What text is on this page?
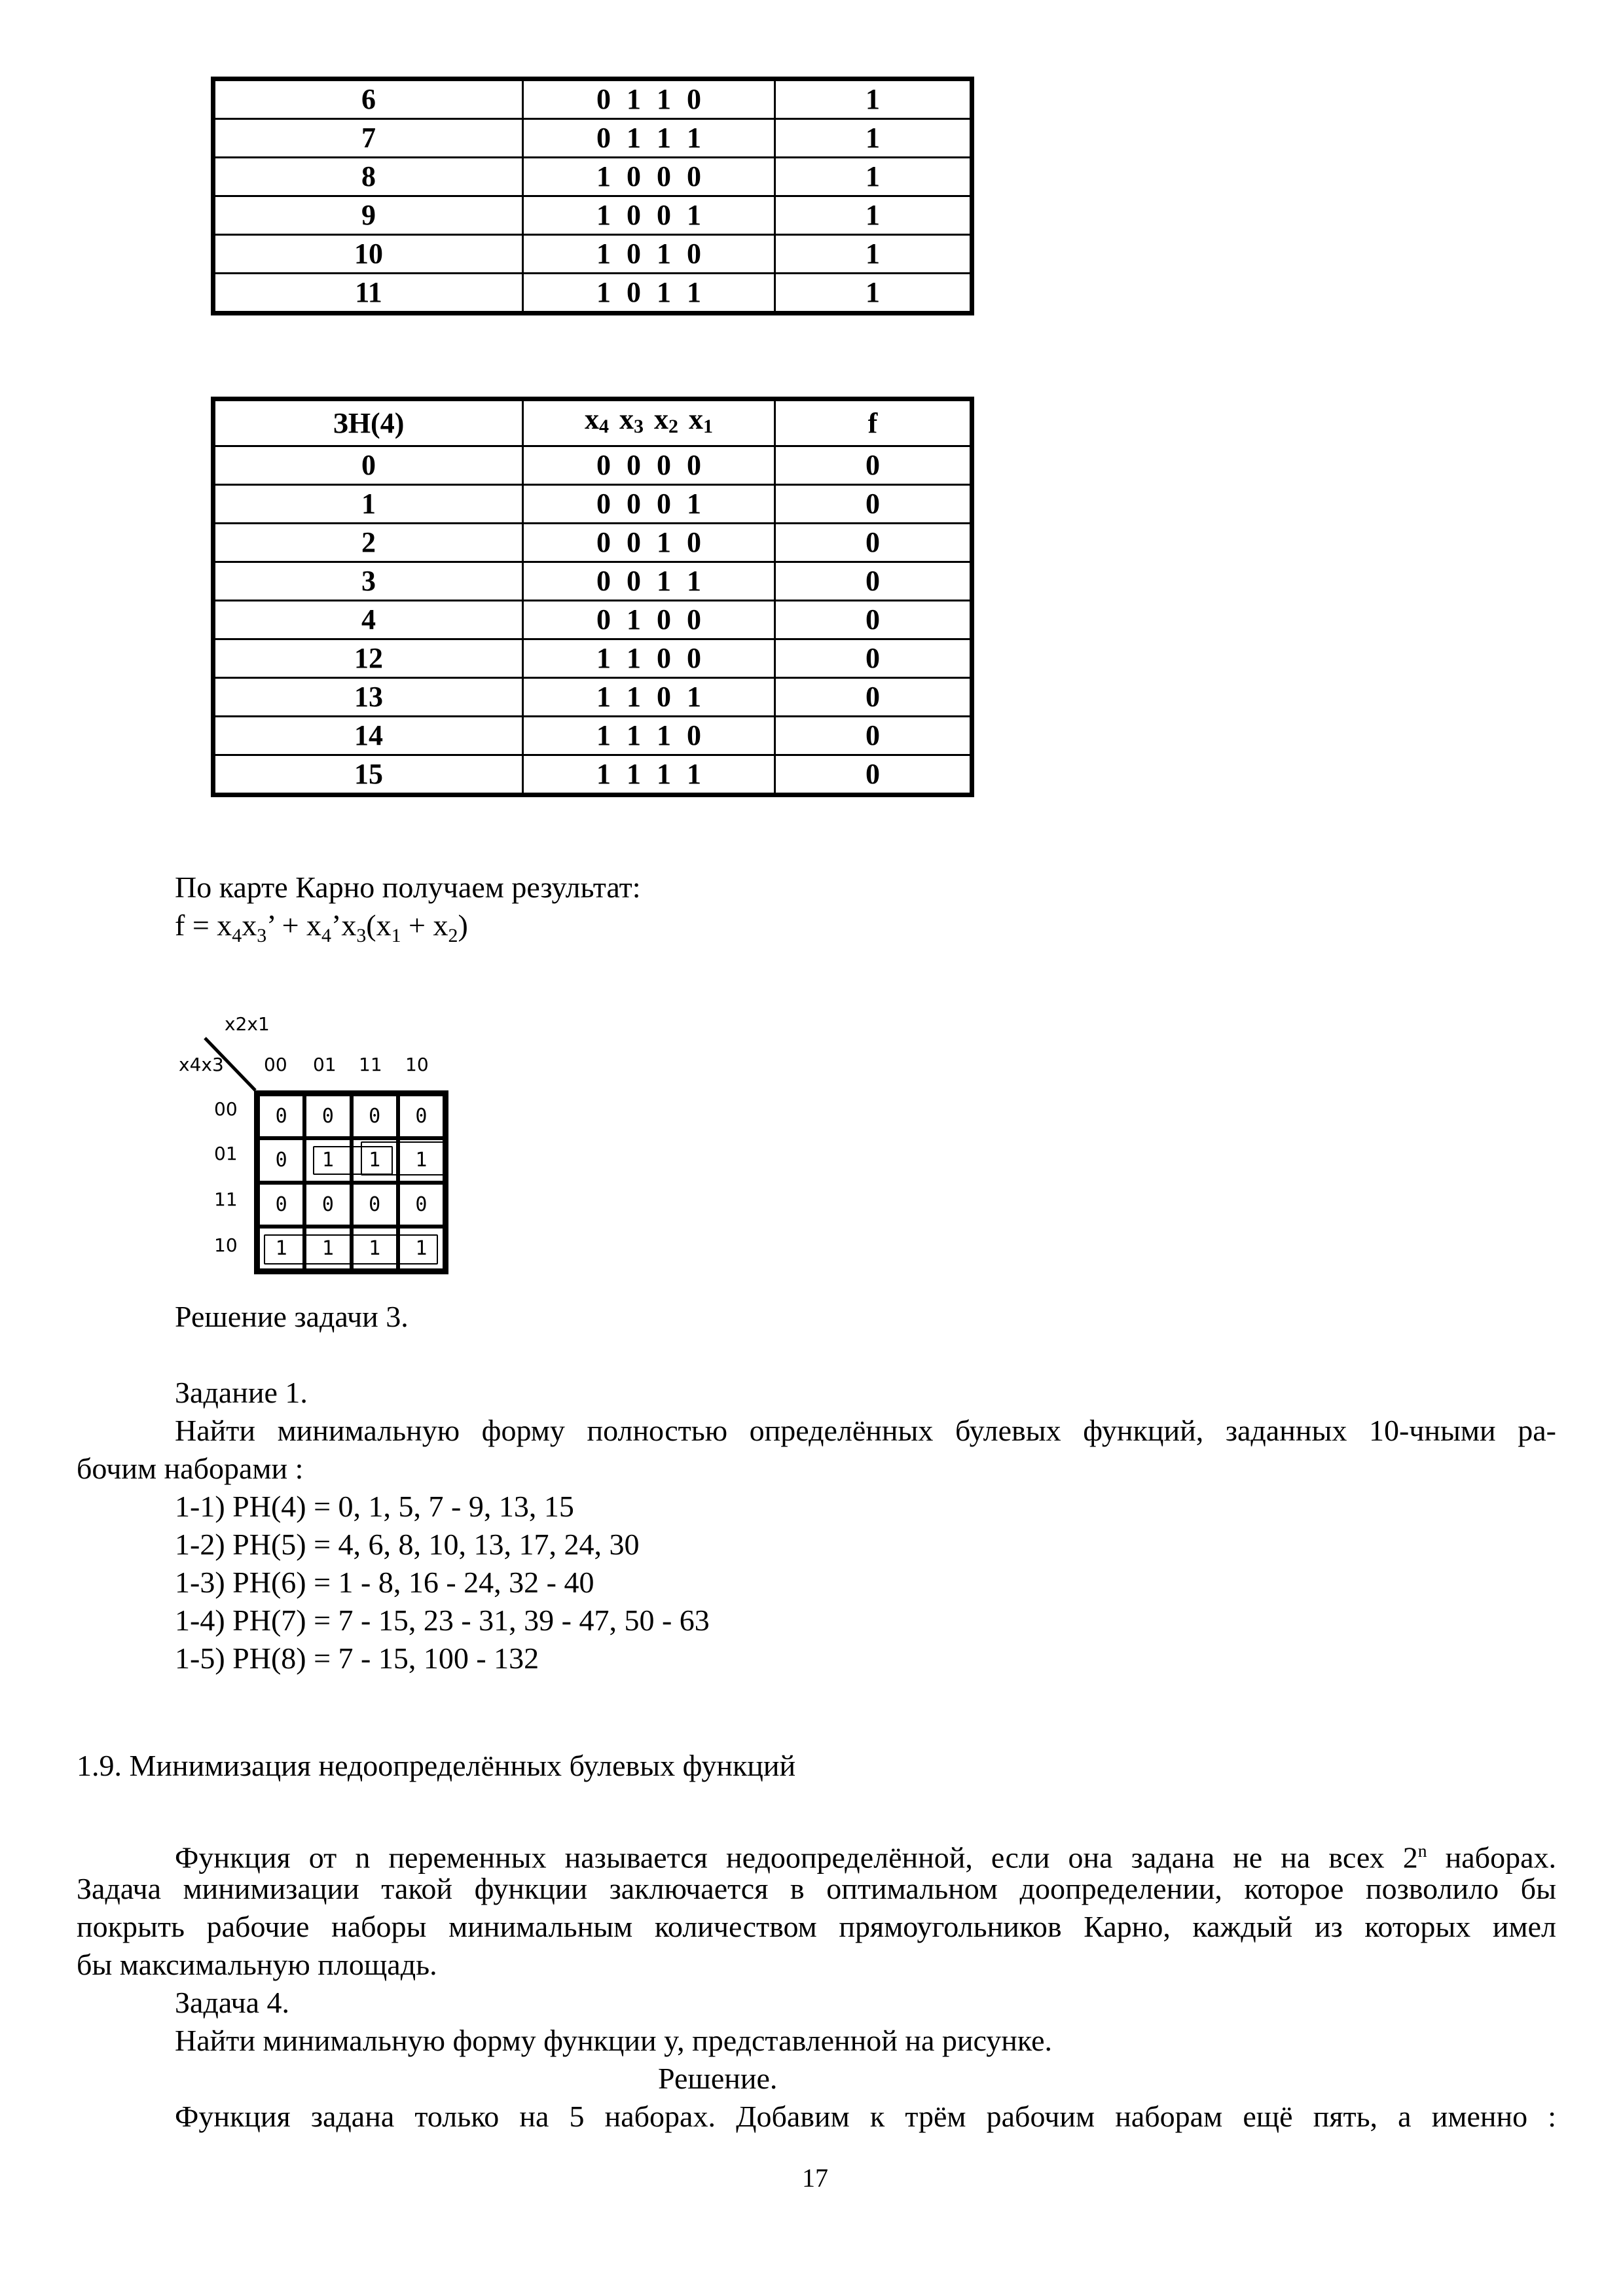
6	0 1 1 0	1
7	0 1 1 1	1
8	1 0 0 0	1
9	1 0 0 1	1
10	1 0 1 0	1
11	1 0 1 1	1
ЗН(4)	$x_4$ $x_3$ $x_2$ $x_1$	f
0	0 0 0 0	0
1	0 0 0 1	0
2	0 0 1 0	0
3	0 0 1 1	0
4	0 1 0 0	0
12	1 1 0 0	0
13	1 1 0 1	0
14	1 1 1 0	0
15	1 1 1 1	0
По карте Карно получаем результат:
$f = x_4x_3$’ + $x_4’x_3(x_1 + x_2)$
x2x1
x4x3 00 01 11 10
00
01
11
10
0	0	0	0
0	1	1	1
0	0	0	0
1	1	1	1
Решение задачи 3.
Задание 1.
Найти минимальную форму полностью определённых булевых функций, заданных 10-чными ра-
бочим наборами :
1-1) РН(4) = 0, 1, 5, 7 - 9, 13, 15
1-2) РН(5) = 4, 6, 8, 10, 13, 17, 24, 30
1-3) РН(6) = 1 - 8, 16 - 24, 32 - 40
1-4) РН(7) = 7 - 15, 23 - 31, 39 - 47, 50 - 63
1-5) РН(8) = 7 - 15, 100 - 132
1.9. Минимизация недоопределённых булевых функций
Функция от n переменных называется недоопределённой, если она задана не на всех 2$^n$ наборах.
Задача минимизации такой функции заключается в оптимальном доопределении, которое позволило бы
покрыть рабочие наборы минимальным количеством прямоугольников Карно, каждый из которых имел
бы максимальную площадь.
Задача 4.
Найти минимальную форму функции y, представленной на рисунке.
Решение.
Функция задана только на 5 наборах. Добавим к трём рабочим наборам ещё пять, а именно :
17
